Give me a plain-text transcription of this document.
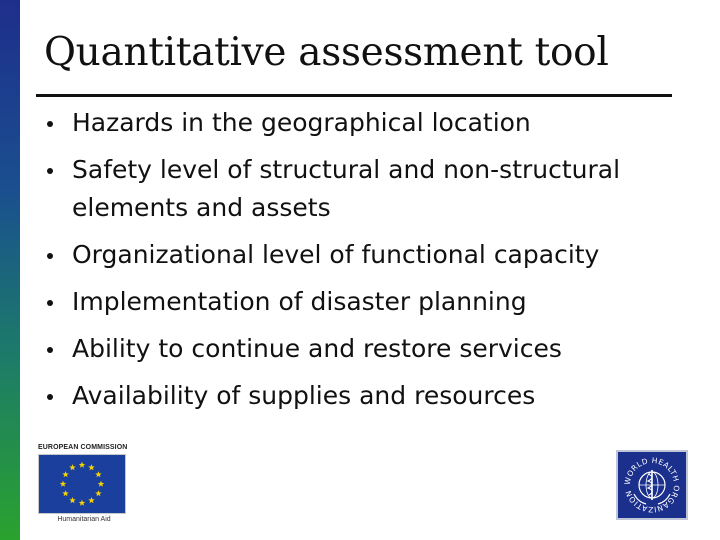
Quantitative assessment tool
Hazards in the geographical location
Safety level of structural and non-structural elements and assets
Organizational level of functional capacity
Implementation of disaster planning
Ability to continue and restore services
Availability of supplies and resources
EUROPEAN COMMISSION
Humanitarian Aid
WORLD HEALTH ORGANIZATION
